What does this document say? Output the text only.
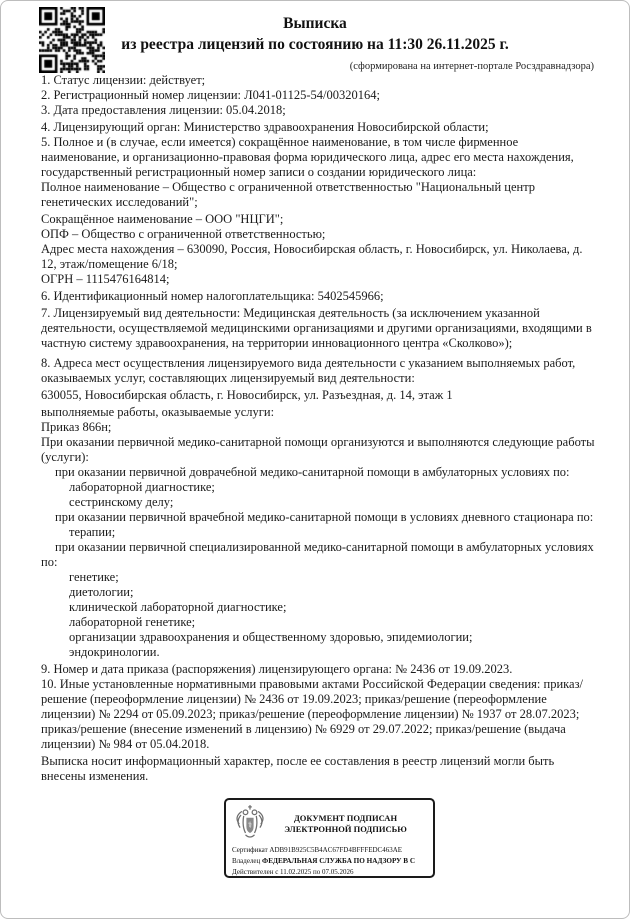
Выписка
из реестра лицензий по состоянию на 11:30 26.11.2025 г.
(сформирована на интернет-портале Росздравнадзора)

1. Статус лицензии: действует;

2. Регистрационный номер лицензии: Л041-01125-54/00320164;

3. Дата предоставления лицензии: 05.04.2018;

4. Лицензирующий орган: Министерство здравоохранения Новосибирской области;

5. Полное и (в случае, если имеется) сокращённое наименование, в том числе фирменное наименование, и организационно-правовая форма юридического лица, адрес его места нахождения, государственный регистрационный номер записи о создании юридического лица:

Полное наименование – Общество с ограниченной ответственностью "Национальный центр генетических исследований";

Сокращённое наименование – ООО "НЦГИ";

ОПФ – Общество с ограниченной ответственностью;

Адрес места нахождения – 630090, Россия, Новосибирская область, г. Новосибирск, ул. Николаева, д. 12, этаж/помещение 6/18;

ОГРН – 1115476164814;

6. Идентификационный номер налогоплательщика: 5402545966;

7. Лицензируемый вид деятельности: Медицинская деятельность (за исключением указанной деятельности, осуществляемой медицинскими организациями и другими организациями, входящими в частную систему здравоохранения, на территории инновационного центра «Сколково»);

8. Адреса мест осуществления лицензируемого вида деятельности с указанием выполняемых работ, оказываемых услуг, составляющих лицензируемый вид деятельности:

630055, Новосибирская область, г. Новосибирск, ул. Разъездная, д. 14, этаж 1

выполняемые работы, оказываемые услуги:

Приказ 866н;

При оказании первичной медико-санитарной помощи организуются и выполняются следующие работы (услуги):

при оказании первичной доврачебной медико-санитарной помощи в амбулаторных условиях по:

лабораторной диагностике;

сестринскому делу;

при оказании первичной врачебной медико-санитарной помощи в условиях дневного стационара по:

терапии;

при оказании первичной специализированной медико-санитарной помощи в амбулаторных условиях по:

генетике;

диетологии;

клинической лабораторной диагностике;

лабораторной генетике;

организации здравоохранения и общественному здоровью, эпидемиологии;

эндокринологии.

9. Номер и дата приказа (распоряжения) лицензирующего органа: № 2436 от 19.09.2023.

10. Иные установленные нормативными правовыми актами Российской Федерации сведения: приказ/решение (переоформление лицензии) № 2436 от 19.09.2023; приказ/решение (переоформление лицензии) № 2294 от 05.09.2023; приказ/решение (переоформление лицензии) № 1937 от 28.07.2023; приказ/решение (внесение изменений в лицензию) № 6929 от 29.07.2022; приказ/решение (выдача лицензии) № 984 от 05.04.2018.

Выписка носит информационный характер, после ее составления в реестр лицензий могли быть внесены изменения.

⚕
ДОКУМЕНТ ПОДПИСАН
ЭЛЕКТРОННОЙ ПОДПИСЬЮ
Сертификат ADB91B925C5B4AC67FD4BFFFEDC463AE
Владелец ФЕДЕРАЛЬНАЯ СЛУЖБА ПО НАДЗОРУ В С
Действителен с 11.02.2025 по 07.05.2026
